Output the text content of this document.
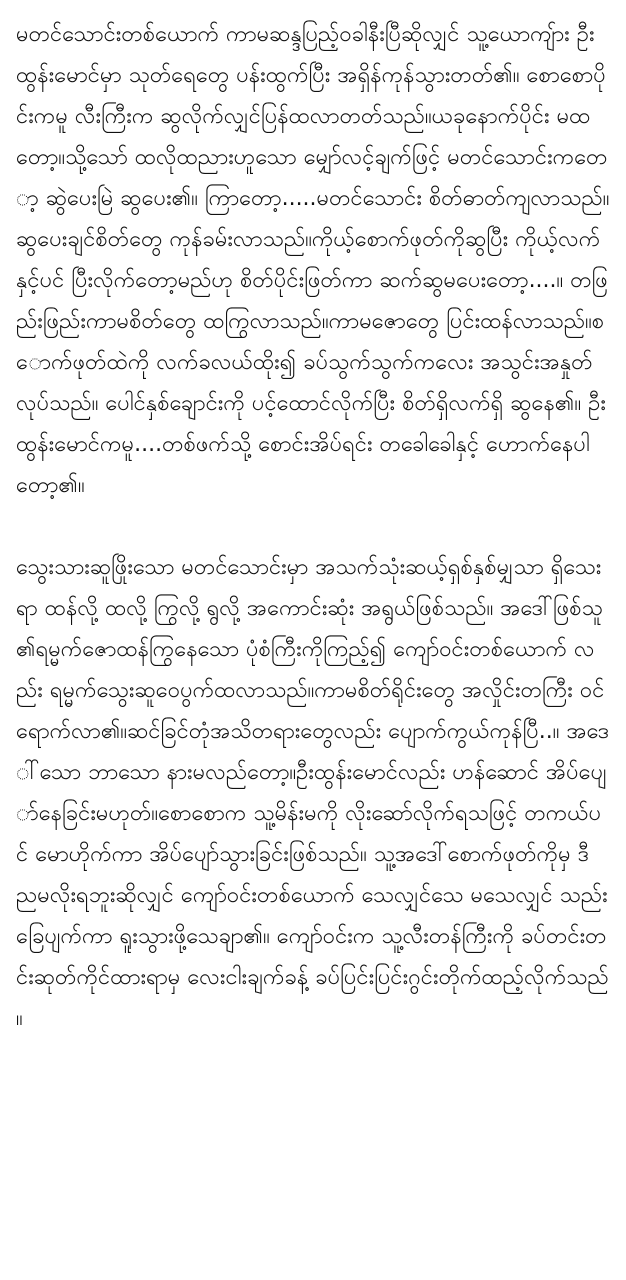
မတင်သောင်းတစ်ယောက် ကာမဆန္ဒပြည့်ဝခါနီးပြီဆိုလျှင် သူ့ယောကျ်ား ဦးထွန်းမောင်မှာ သုတ်ရေတွေ ပန်းထွက်ပြီး အရှိန်ကုန်သွားတတ်၏။ စောစောပိုင်းကမူ လီးကြီးက ဆွလိုက်လျှင်ပြန်ထလာတတ်သည်။ယခုနောက်ပိုင်း မထတော့။သို့သော် ထလိုထညားဟူသော မျှော်လင့်ချက်ဖြင့် မတင်သောင်းကတော့ ဆွဲပေးမြဲ ဆွပေး၏။ ကြာတော့.....မတင်သောင်း စိတ်ဓာတ်ကျလာသည်။ဆွပေးချင်စိတ်တွေ ကုန်ခမ်းလာသည်။ကိုယ့်စောက်ဖုတ်ကိုဆွပြီး ကိုယ့်လက်နှင့်ပင် ပြီးလိုက်တော့မည်ဟု စိတ်ပိုင်းဖြတ်ကာ ဆက်ဆွမပေးတော့....။ တဖြည်းဖြည်းကာမစိတ်တွေ ထကြွလာသည်။ကာမဇောတွေ ပြင်းထန်လာသည်။စောက်ဖုတ်ထဲကို လက်ခလယ်ထိုး၍ ခပ်သွက်သွက်ကလေး အသွင်းအနှုတ်လုပ်သည်။ ပေါင်နှစ်ချောင်းကို ပင့်ထောင်လိုက်ပြီး စိတ်ရှိလက်ရှိ ဆွနေ၏။ ဦးထွန်းမောင်ကမူ....တစ်ဖက်သို့ စောင်းအိပ်ရင်း တခေါခေါနှင့် ဟောက်နေပါတော့၏။

သွေးသားဆူဖြိုးသော မတင်သောင်းမှာ အသက်သုံးဆယ့်ရှစ်နှစ်မျှသာ ရှိသေးရာ ထန်လို့ ထလို့ ကြွလို့ ရွလို့ အကောင်းဆုံး အရွယ်ဖြစ်သည်။ အဒေါ်ဖြစ်သူ၏ရမ္မက်ဇောထန်ကြွနေသော ပုံစံကြီးကိုကြည့်၍ ကျော်ဝင်းတစ်ယောက် လည်း ရမ္မက်သွေးဆူဝေပွက်ထလာသည်။ကာမစိတ်ရိုင်းတွေ အလှိုင်းတကြီး ဝင်ရောက်လာ၏။ဆင်ခြင်တုံအသိတရားတွေလည်း ပျောက်ကွယ်ကုန်ပြီ..။ အဒေါ်သော ဘာသော နားမလည်တော့။ဦးထွန်းမောင်လည်း ဟန်ဆောင် အိပ်ပျော်နေခြင်းမဟုတ်။စောစောက သူ့မိန်းမကို လိုးဆော်လိုက်ရသဖြင့် တကယ်ပင် မောဟိုက်ကာ အိပ်ပျော်သွားခြင်းဖြစ်သည်။ သူ့အဒေါ်စောက်ဖုတ်ကိုမှ ဒီညမလိုးရဘူးဆိုလျှင် ကျော်ဝင်းတစ်ယောက် သေလျှင်သေ မသေလျှင် သည်းခြေပျက်ကာ ရူးသွားဖို့သေချာ၏။ ကျော်ဝင်းက သူ့လီးတန်ကြီးကို ခပ်တင်းတင်းဆုတ်ကိုင်ထားရာမှ လေးငါးချက်ခန့် ခပ်ပြင်းပြင်းဂွင်းတိုက်ထည့်လိုက်သည်။
